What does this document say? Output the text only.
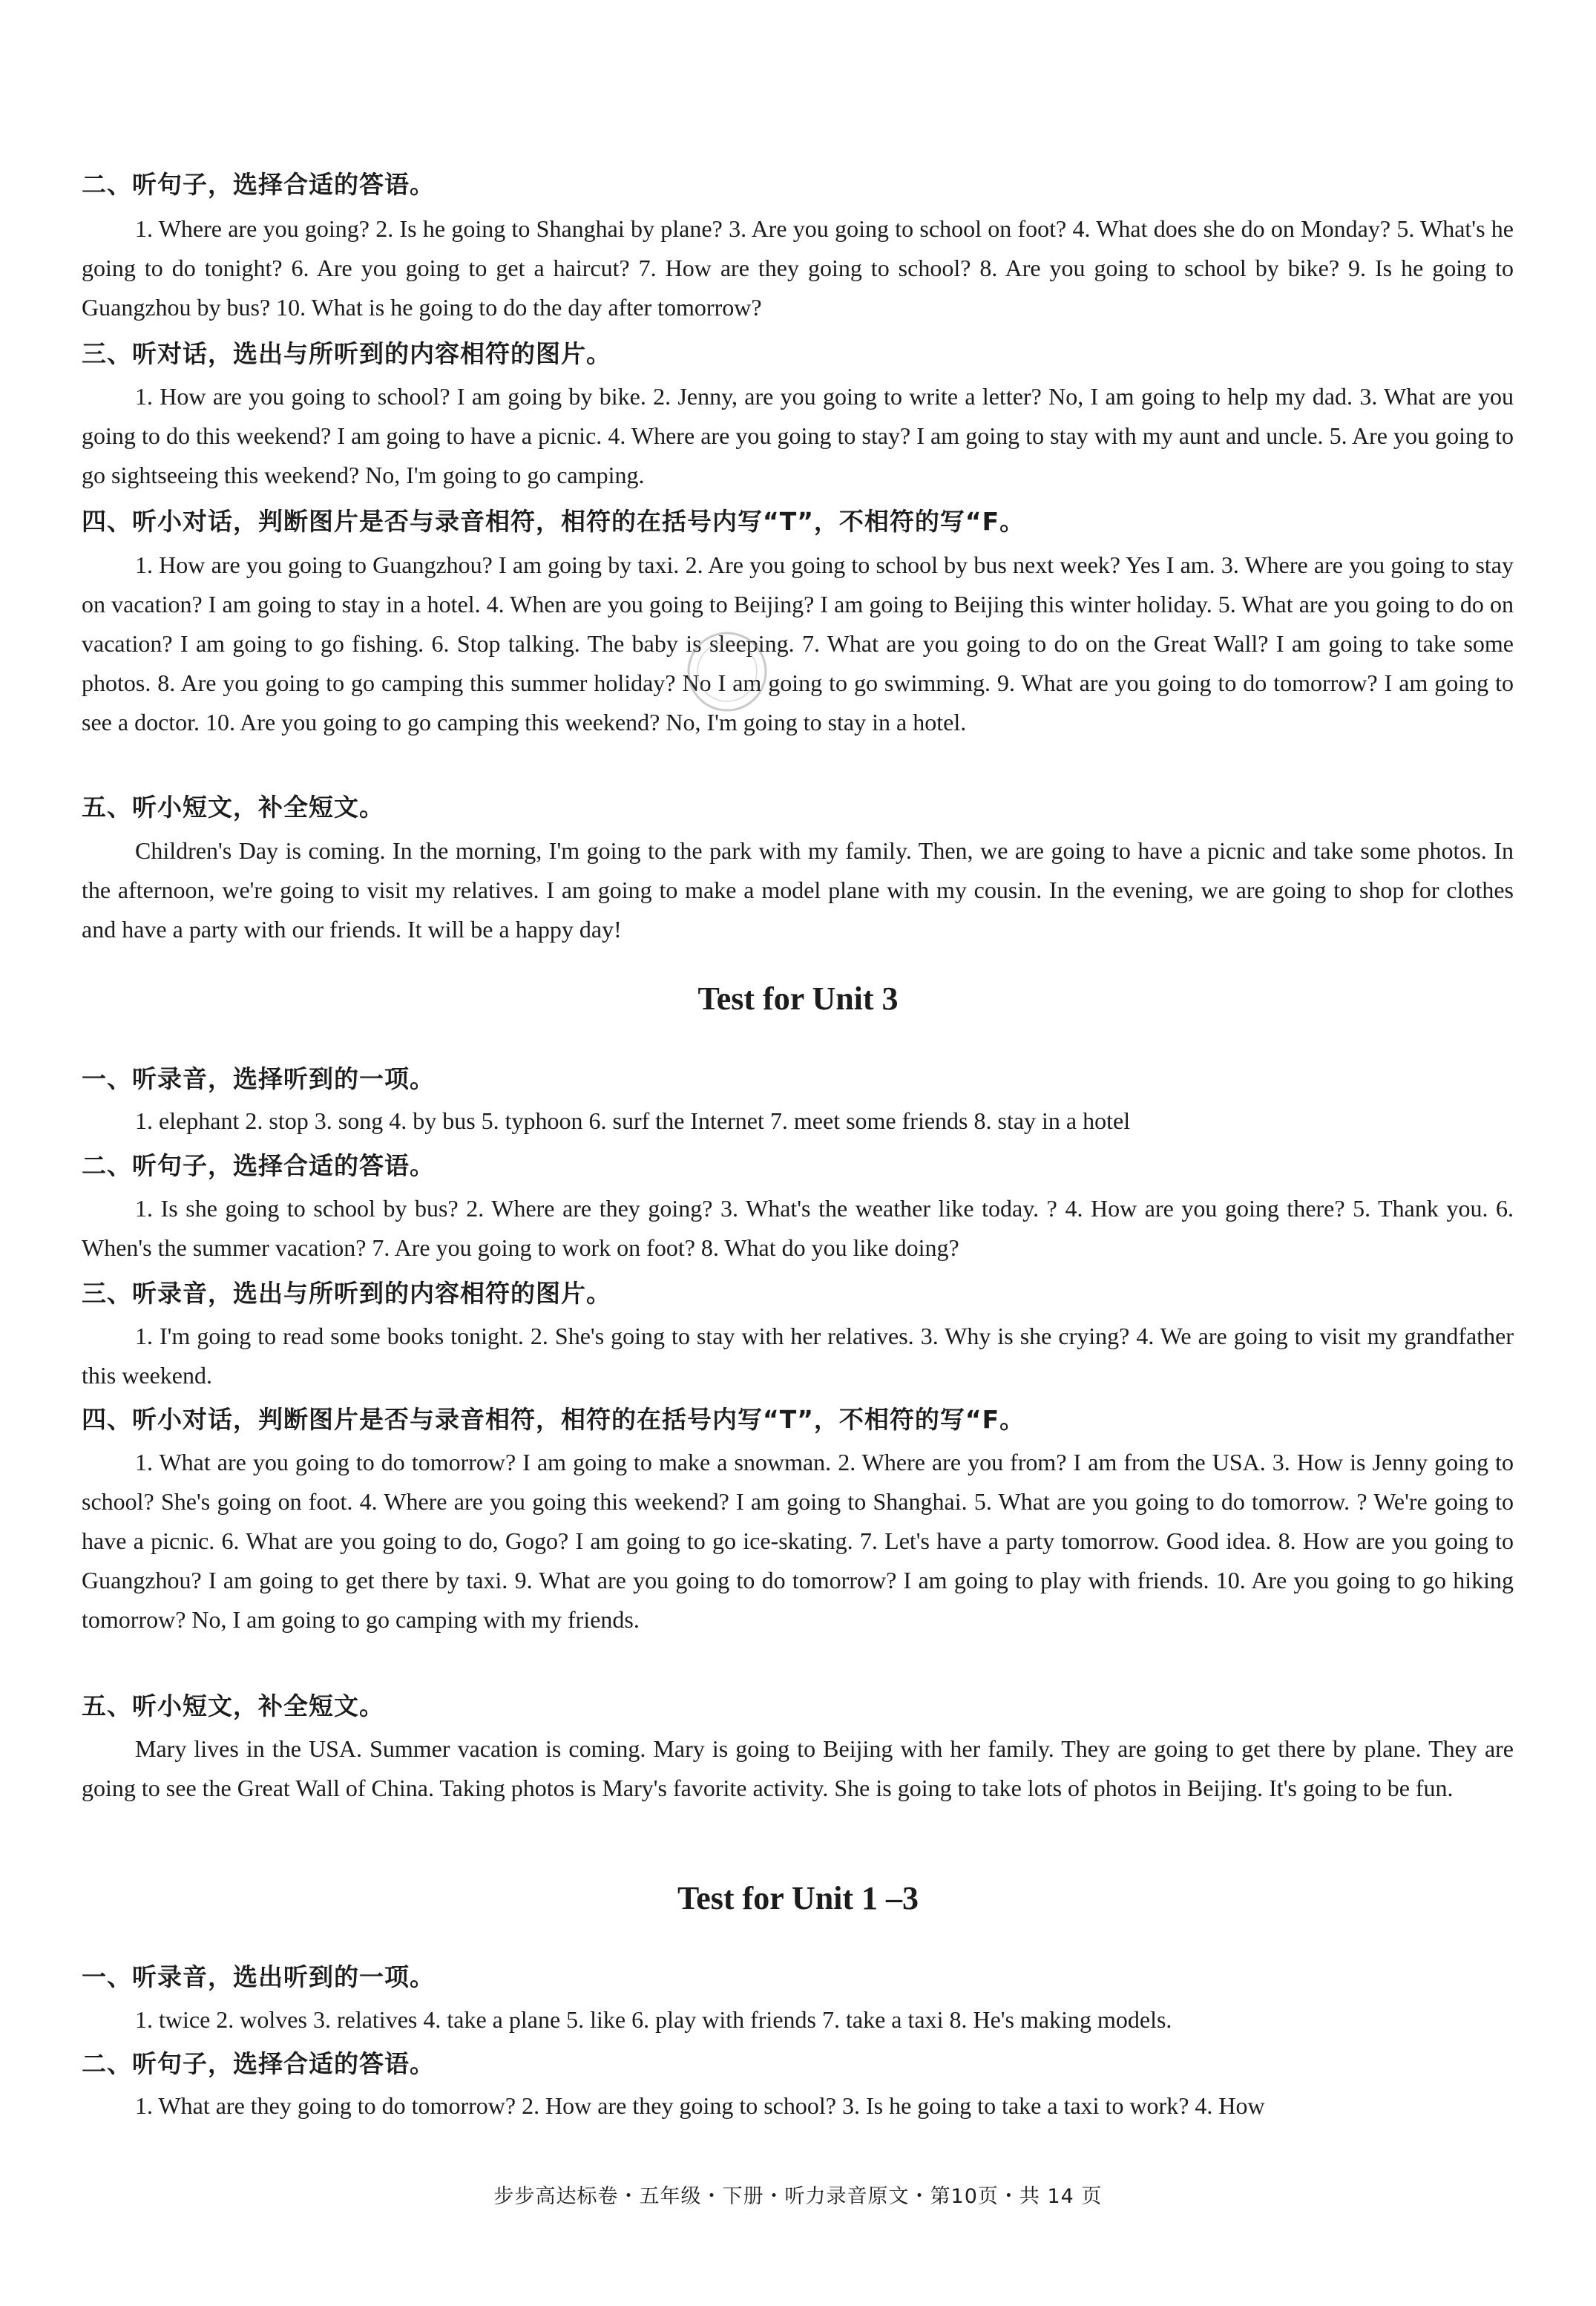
二、听句子，选择合适的答语。
1. Where are you going? 2. Is he going to Shanghai by plane? 3. Are you going to school on foot? 4. What does she do on Monday? 5. What's he going to do tonight? 6. Are you going to get a haircut? 7. How are they going to school? 8. Are you going to school by bike? 9. Is he going to Guangzhou by bus? 10. What is he going to do the day after tomorrow?
三、听对话，选出与所听到的内容相符的图片。
1. How are you going to school? I am going by bike. 2. Jenny, are you going to write a letter? No, I am going to help my dad. 3. What are you going to do this weekend? I am going to have a picnic. 4. Where are you going to stay? I am going to stay with my aunt and uncle. 5. Are you going to go sightseeing this weekend? No, I'm going to go camping.
四、听小对话，判断图片是否与录音相符，相符的在括号内写“T”，不相符的写“F。
1. How are you going to Guangzhou? I am going by taxi. 2. Are you going to school by bus next week? Yes I am. 3. Where are you going to stay on vacation? I am going to stay in a hotel. 4. When are you going to Beijing? I am going to Beijing this winter holiday. 5. What are you going to do on vacation? I am going to go fishing. 6. Stop talking. The baby is sleeping. 7. What are you going to do on the Great Wall? I am going to take some photos. 8. Are you going to go camping this summer holiday? No I am going to go swimming. 9. What are you going to do tomorrow? I am going to see a doctor. 10. Are you going to go camping this weekend? No, I'm going to stay in a hotel.
五、听小短文，补全短文。
Children's Day is coming. In the morning, I'm going to the park with my family. Then, we are going to have a picnic and take some photos. In the afternoon, we're going to visit my relatives. I am going to make a model plane with my cousin. In the evening, we are going to shop for clothes and have a party with our friends. It will be a happy day!
Test for Unit 3
一、听录音，选择听到的一项。
1. elephant 2. stop 3. song 4. by bus 5. typhoon 6. surf the Internet 7. meet some friends 8. stay in a hotel
二、听句子，选择合适的答语。
1. Is she going to school by bus? 2. Where are they going? 3. What's the weather like today. ? 4. How are you going there? 5. Thank you. 6. When's the summer vacation? 7. Are you going to work on foot? 8. What do you like doing?
三、听录音，选出与所听到的内容相符的图片。
1. I'm going to read some books tonight. 2. She's going to stay with her relatives. 3. Why is she crying? 4. We are going to visit my grandfather this weekend.
四、听小对话，判断图片是否与录音相符，相符的在括号内写“T”，不相符的写“F。
1. What are you going to do tomorrow? I am going to make a snowman. 2. Where are you from? I am from the USA. 3. How is Jenny going to school? She's going on foot. 4. Where are you going this weekend? I am going to Shanghai. 5. What are you going to do tomorrow. ? We're going to have a picnic. 6. What are you going to do, Gogo? I am going to go ice-skating. 7. Let's have a party tomorrow. Good idea. 8. How are you going to Guangzhou? I am going to get there by taxi. 9. What are you going to do tomorrow? I am going to play with friends. 10. Are you going to go hiking tomorrow? No, I am going to go camping with my friends.
五、听小短文，补全短文。
Mary lives in the USA. Summer vacation is coming. Mary is going to Beijing with her family. They are going to get there by plane. They are going to see the Great Wall of China. Taking photos is Mary's favorite activity. She is going to take lots of photos in Beijing. It's going to be fun.
Test for Unit 1 –3
一、听录音，选出听到的一项。
1. twice 2. wolves 3. relatives 4. take a plane 5. like 6. play with friends 7. take a taxi 8. He's making models.
二、听句子，选择合适的答语。
1. What are they going to do tomorrow? 2. How are they going to school? 3. Is he going to take a taxi to work? 4. How
步步高达标卷・五年级・下册・听力录音原文・第10页・共 14 页
